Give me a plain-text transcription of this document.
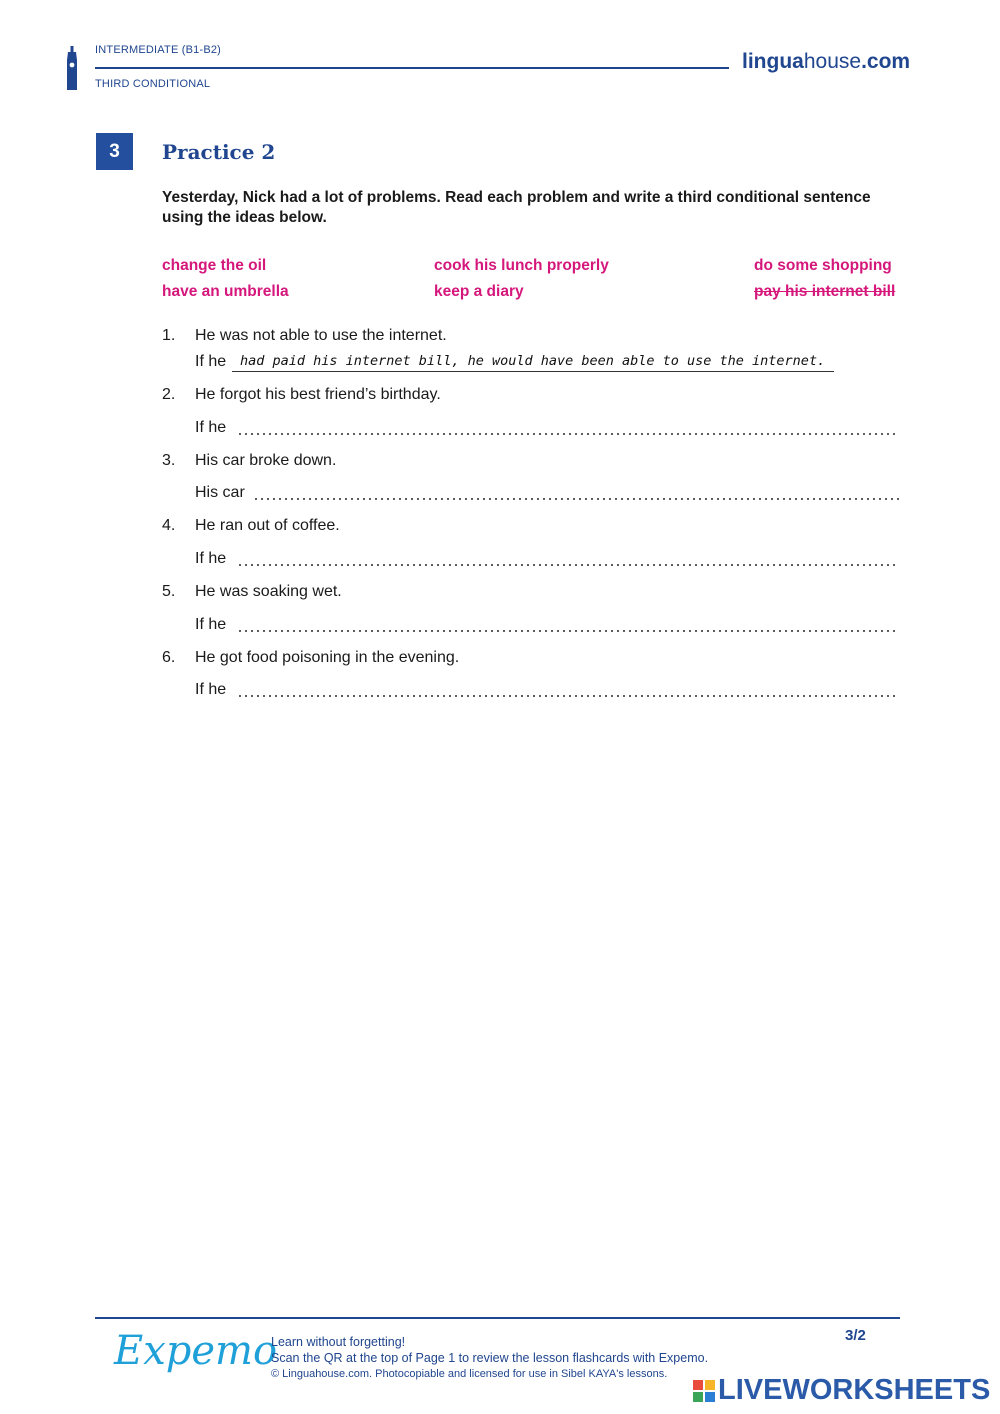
INTERMEDIATE (B1-B2)
THIRD CONDITIONAL
linguahouse.com
3	Practice 2
Yesterday, Nick had a lot of problems. Read each problem and write a third conditional sentence using the ideas below.
change the oil	cook his lunch properly	do some shopping
have an umbrella	keep a diary	pay his internet bill
1. He was not able to use the internet.
If he	had paid his internet bill, he would have been able to use the internet.
2. He forgot his best friend’s birthday.
If he
3. His car broke down.
His car
4. He ran out of coffee.
If he
5. He was soaking wet.
If he
6. He got food poisoning in the evening.
If he
Expemo
Learn without forgetting!
Scan the QR at the top of Page 1 to review the lesson flashcards with Expemo.
© Linguahouse.com. Photocopiable and licensed for use in Sibel KAYA's lessons.
3/2
LIVEWORKSHEETS
